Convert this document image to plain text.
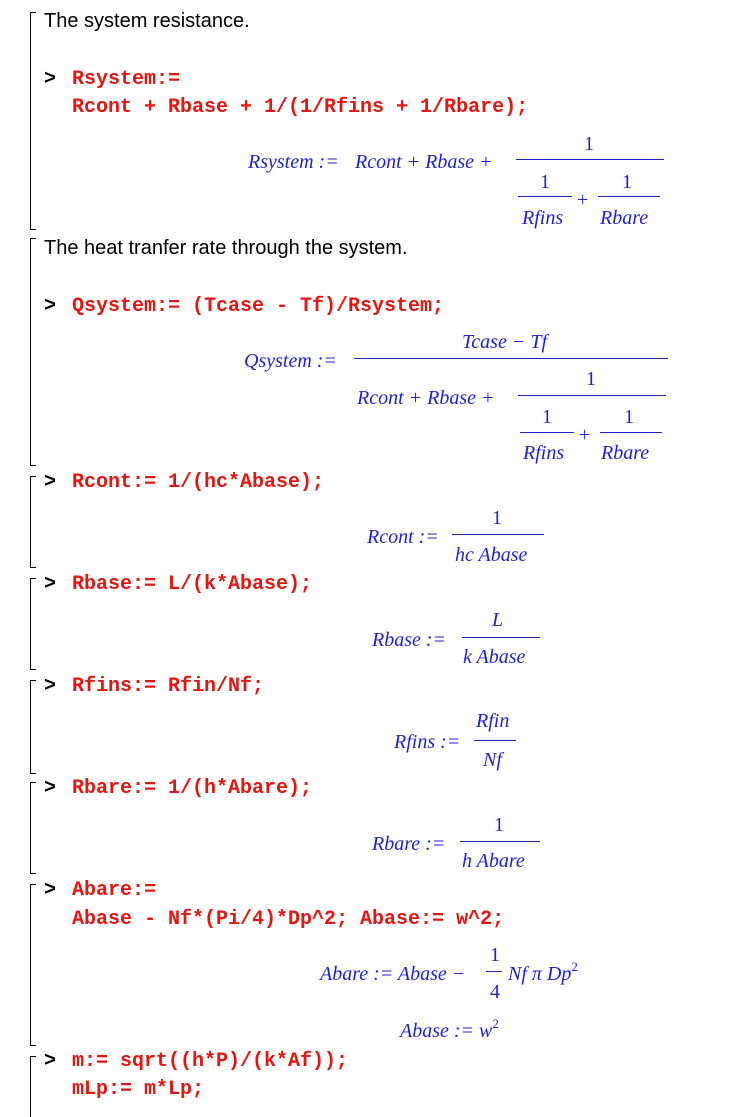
The system resistance.
> Rsystem:=
Rcont + Rbase + 1/(1/Rfins + 1/Rbare);
Rsystem := Rcont + Rbase +
1
1
Rfins
+
1
Rbare
The heat tranfer rate through the system.
> Qsystem:= (Tcase - Tf)/Rsystem;
Qsystem :=
Tcase − Tf
Rcont + Rbase +
1
1
Rfins
+
1
Rbare
> Rcont:= 1/(hc*Abase);
Rcont :=
1
hc Abase
> Rbase:= L/(k*Abase);
Rbase :=
L
k Abase
> Rfins:= Rfin/Nf;
Rfins :=
Rfin
Nf
> Rbare:= 1/(h*Abare);
Rbare :=
1
h Abare
> Abare:=
Abase - Nf*(Pi/4)*Dp^2; Abase:= w^2;
Abare := Abase −
1
4
Nf π Dp$^2$
Abase := $w^2$
> m:= sqrt((h*P)/(k*Af));
mLp:= m*Lp;
